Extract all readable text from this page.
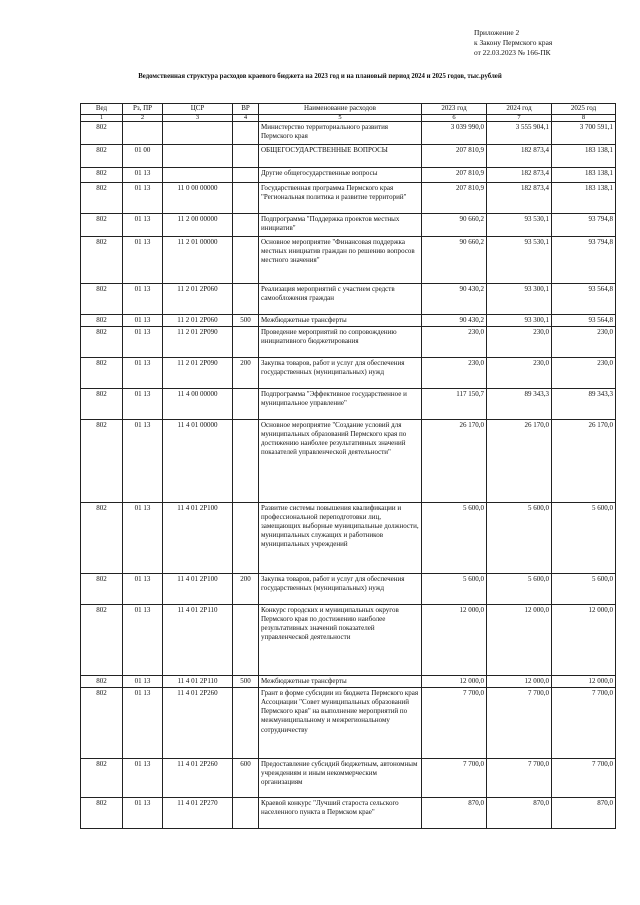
Приложение 2
к Закону Пермского края
от 22.03.2023 № 166-ПК
Ведомственная структура расходов краевого бюджета на 2023 год и на плановый период 2024 и 2025 годов, тыс.рублей
Вед	Рз, ПР	ЦСР	ВР	Наименование расходов	2023 год	2024 год	2025 год
1	2	3	4	5	6	7	8
802				Министерство территориального развития Пермского края	3 039 990,0	3 555 904,1	3 700 591,1
802	01 00			ОБЩЕГОСУДАРСТВЕННЫЕ ВОПРОСЫ	207 810,9	182 873,4	183 138,1
802	01 13			Другие общегосударственные вопросы	207 810,9	182 873,4	183 138,1
802	01 13	11 0 00 00000		Государственная программа Пермского края "Региональная политика и развитие территорий"	207 810,9	182 873,4	183 138,1
802	01 13	11 2 00 00000		Подпрограмма "Поддержка проектов местных инициатив"	90 660,2	93 530,1	93 794,8
802	01 13	11 2 01 00000		Основное мероприятие "Финансовая поддержка местных инициатив граждан по решению вопросов местного значения"	90 660,2	93 530,1	93 794,8
802	01 13	11 2 01 2P060		Реализация мероприятий с участием средств самообложения граждан	90 430,2	93 300,1	93 564,8
802	01 13	11 2 01 2P060	500	Межбюджетные трансферты	90 430,2	93 300,1	93 564,8
802	01 13	11 2 01 2P090		Проведение мероприятий по сопровождению инициативного бюджетирования	230,0	230,0	230,0
802	01 13	11 2 01 2P090	200	Закупка товаров, работ и услуг для обеспечения государственных (муниципальных) нужд	230,0	230,0	230,0
802	01 13	11 4 00 00000		Подпрограмма "Эффективное государственное и муниципальное управление"	117 150,7	89 343,3	89 343,3
802	01 13	11 4 01 00000		Основное мероприятие "Создание условий для муниципальных образований Пермского края по достижению наиболее результативных значений показателей управленческой деятельности"	26 170,0	26 170,0	26 170,0
802	01 13	11 4 01 2P100		Развитие системы повышения квалификации и профессиональной переподготовки лиц, замещающих выборные муниципальные должности, муниципальных служащих и работников муниципальных учреждений	5 600,0	5 600,0	5 600,0
802	01 13	11 4 01 2P100	200	Закупка товаров, работ и услуг для обеспечения государственных (муниципальных) нужд	5 600,0	5 600,0	5 600,0
802	01 13	11 4 01 2P110		Конкурс городских и муниципальных округов Пермского края по достижению наиболее результативных значений показателей управленческой деятельности	12 000,0	12 000,0	12 000,0
802	01 13	11 4 01 2P110	500	Межбюджетные трансферты	12 000,0	12 000,0	12 000,0
802	01 13	11 4 01 2P260		Грант в форме субсидии из бюджета Пермского края Ассоциации "Совет муниципальных образований Пермского края" на выполнение мероприятий по межмуниципальному и межрегиональному сотрудничеству	7 700,0	7 700,0	7 700,0
802	01 13	11 4 01 2P260	600	Предоставление субсидий бюджетным, автономным учреждениям и иным некоммерческим организациям	7 700,0	7 700,0	7 700,0
802	01 13	11 4 01 2P270		Краевой конкурс "Лучший староста сельского населенного пункта в Пермском крае"	870,0	870,0	870,0
